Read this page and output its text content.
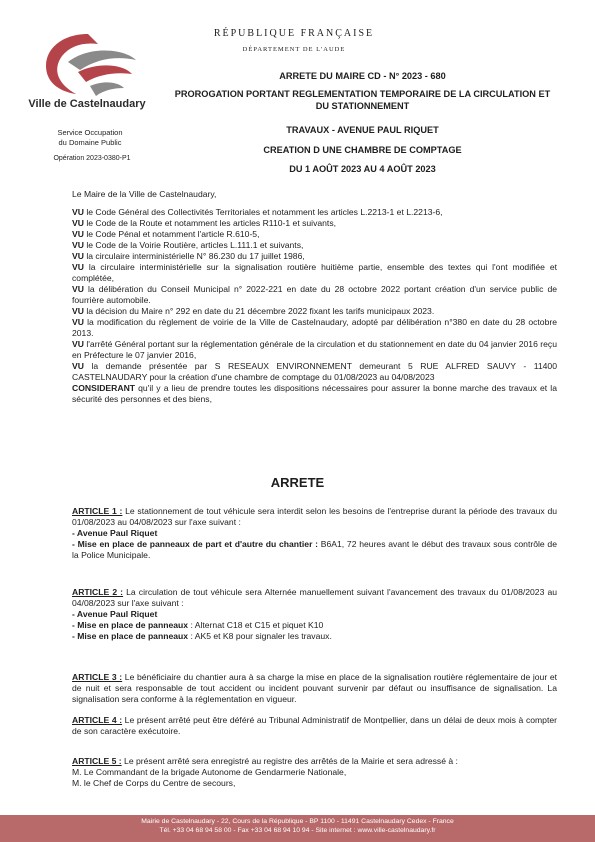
Ville de Castelnaudary
Service Occupation
du Domaine Public
Opération 2023-0380-P1
RÉPUBLIQUE FRANÇAISE
DÉPARTEMENT DE L'AUDE
ARRETE DU MAIRE CD - N° 2023 - 680
PROROGATION PORTANT REGLEMENTATION TEMPORAIRE DE LA CIRCULATION ET
DU STATIONNEMENT
TRAVAUX - AVENUE PAUL RIQUET
CREATION D UNE CHAMBRE DE COMPTAGE
DU 1 AOÛT 2023 AU 4 AOÛT 2023

Le Maire de la Ville de Castelnaudary,

VU le Code Général des Collectivités Territoriales et notamment les articles L.2213-1 et L.2213-6,

VU le Code de la Route et notamment les articles R110-1 et suivants,

VU le Code Pénal et notamment l'article R.610-5,

VU le Code de la Voirie Routière, articles L.111.1 et suivants,

VU la circulaire interministérielle N° 86.230 du 17 juillet 1986,

VU la circulaire interministérielle sur la signalisation routière huitième partie, ensemble des textes qui l'ont modifiée et complétée,

VU la délibération du Conseil Municipal n° 2022-221 en date du 28 octobre 2022 portant création d'un service public de fourrière automobile.

VU la décision du Maire n° 292 en date du 21 décembre 2022 fixant les tarifs municipaux 2023.

VU la modification du règlement de voirie de la Ville de Castelnaudary, adopté par délibération n°380 en date du 28 octobre 2013.

VU l'arrêté Général portant sur la réglementation générale de la circulation et du stationnement en date du 04 janvier 2016 reçu en Préfecture le 07 janvier 2016,

VU la demande présentée par S RESEAUX ENVIRONNEMENT demeurant 5 RUE ALFRED SAUVY - 11400 CASTELNAUDARY pour la création d'une chambre de comptage du 01/08/2023 au 04/08/2023

CONSIDERANT qu'il y a lieu de prendre toutes les dispositions nécessaires pour assurer la bonne marche des travaux et la sécurité des personnes et des biens,

ARRETE

ARTICLE 1 : Le stationnement de tout véhicule sera interdit selon les besoins de l'entreprise durant la période des travaux du 01/08/2023 au 04/08/2023 sur l'axe suivant :

- Avenue Paul Riquet

- Mise en place de panneaux de part et d'autre du chantier : B6A1, 72 heures avant le début des travaux sous contrôle de la Police Municipale.

ARTICLE 2 : La circulation de tout véhicule sera Alternée manuellement suivant l'avancement des travaux du 01/08/2023 au 04/08/2023 sur l'axe suivant :

- Avenue Paul Riquet

- Mise en place de panneaux : Alternat C18 et C15 et piquet K10

- Mise en place de panneaux : AK5 et K8 pour signaler les travaux.

ARTICLE 3 : Le bénéficiaire du chantier aura à sa charge la mise en place de la signalisation routière réglementaire de jour et de nuit et sera responsable de tout accident ou incident pouvant survenir par défaut ou insuffisance de signalisation. La signalisation sera conforme à la réglementation en vigueur.

ARTICLE 4 : Le présent arrêté peut être déféré au Tribunal Administratif de Montpellier, dans un délai de deux mois à compter de son caractère exécutoire.

ARTICLE 5 : Le présent arrêté sera enregistré au registre des arrêtés de la Mairie et sera adressé à :

M. Le Commandant de la brigade Autonome de Gendarmerie Nationale,

M. le Chef de Corps du Centre de secours,

Mairie de Castelnaudary - 22, Cours de la République - BP 1100 - 11491 Castelnaudary Cedex - France
Tél. +33 04 68 94 58 00 - Fax +33 04 68 94 10 94 - Site internet : www.ville-castelnaudary.fr
